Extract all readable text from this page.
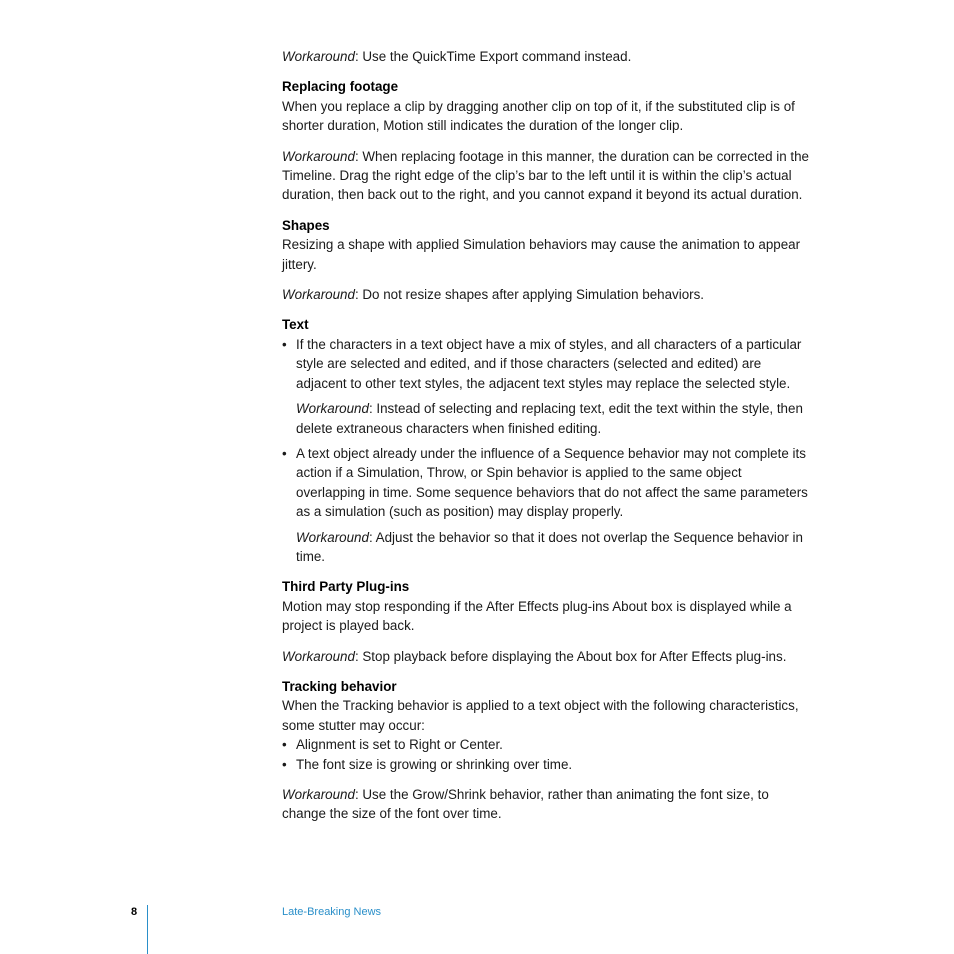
Workaround: Use the QuickTime Export command instead.

Replacing footage

When you replace a clip by dragging another clip on top of it, if the substituted clip is of shorter duration, Motion still indicates the duration of the longer clip.

Workaround: When replacing footage in this manner, the duration can be corrected in the Timeline. Drag the right edge of the clip’s bar to the left until it is within the clip’s actual duration, then back out to the right, and you cannot expand it beyond its actual duration.

Shapes

Resizing a shape with applied Simulation behaviors may cause the animation to appear jittery.

Workaround: Do not resize shapes after applying Simulation behaviors.

Text

• If the characters in a text object have a mix of styles, and all characters of a particular style are selected and edited, and if those characters (selected and edited) are adjacent to other text styles, the adjacent text styles may replace the selected style.

Workaround: Instead of selecting and replacing text, edit the text within the style, then delete extraneous characters when finished editing.

• A text object already under the influence of a Sequence behavior may not complete its action if a Simulation, Throw, or Spin behavior is applied to the same object overlapping in time. Some sequence behaviors that do not affect the same parameters as a simulation (such as position) may display properly.

Workaround: Adjust the behavior so that it does not overlap the Sequence behavior in time.

Third Party Plug-ins

Motion may stop responding if the After Effects plug-ins About box is displayed while a project is played back.

Workaround: Stop playback before displaying the About box for After Effects plug-ins.

Tracking behavior

When the Tracking behavior is applied to a text object with the following characteristics, some stutter may occur:

• Alignment is set to Right or Center.
• The font size is growing or shrinking over time.

Workaround: Use the Grow/Shrink behavior, rather than animating the font size, to change the size of the font over time.

8	Late-Breaking News
